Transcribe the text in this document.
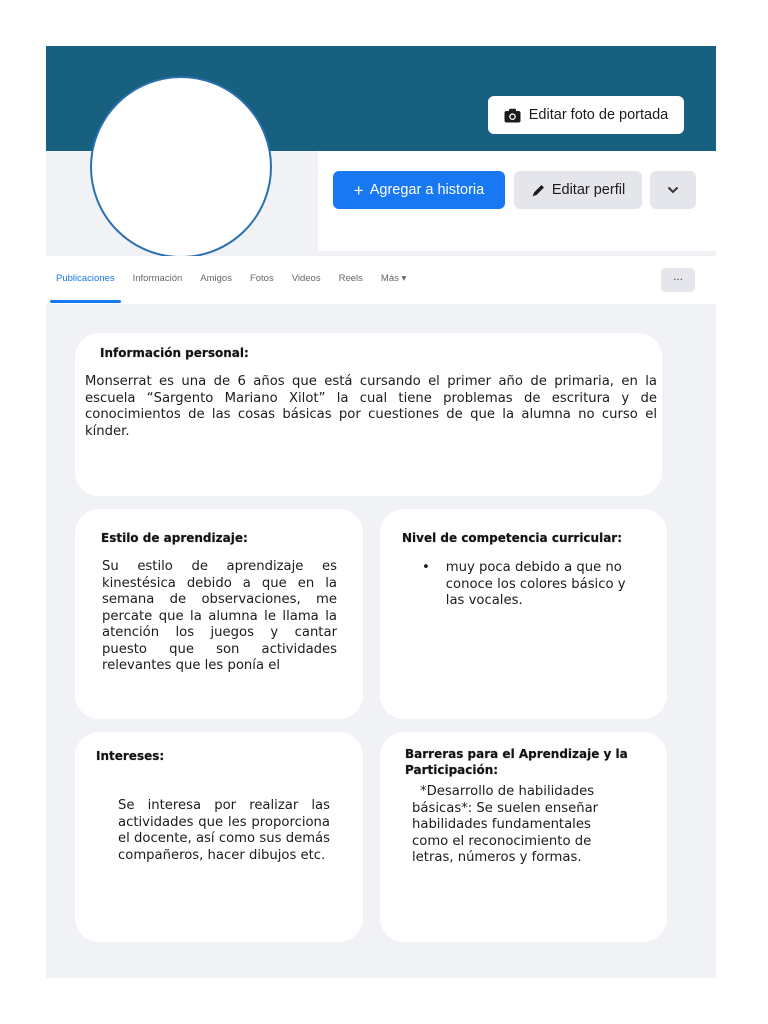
Editar foto de portada
+ Agregar a historia	Editar perfil
Publicaciones Información Amigos Fotos Videos Reels Más ▾	···
Información personal:
Monserrat es una de 6 años que está cursando el primer año de primaria, en la escuela “Sargento Mariano Xilot” la cual tiene problemas de escritura y de conocimientos de las cosas básicas por cuestiones de que la alumna no curso el kínder.
Estilo de aprendizaje:
Su estilo de aprendizaje es kinestésica debido a que en la semana de observaciones, me percate que la alumna le llama la atención los juegos y cantar puesto que son actividades relevantes que les ponía el
Nivel de competencia curricular:
• muy poca debido a que no conoce los colores básico y las vocales.
Intereses:
Se interesa por realizar las actividades que les proporciona el docente, así como sus demás compañeros, hacer dibujos etc.
Barreras para el Aprendizaje y la Participación:
*Desarrollo de habilidades básicas*: Se suelen enseñar habilidades fundamentales como el reconocimiento de letras, números y formas.
